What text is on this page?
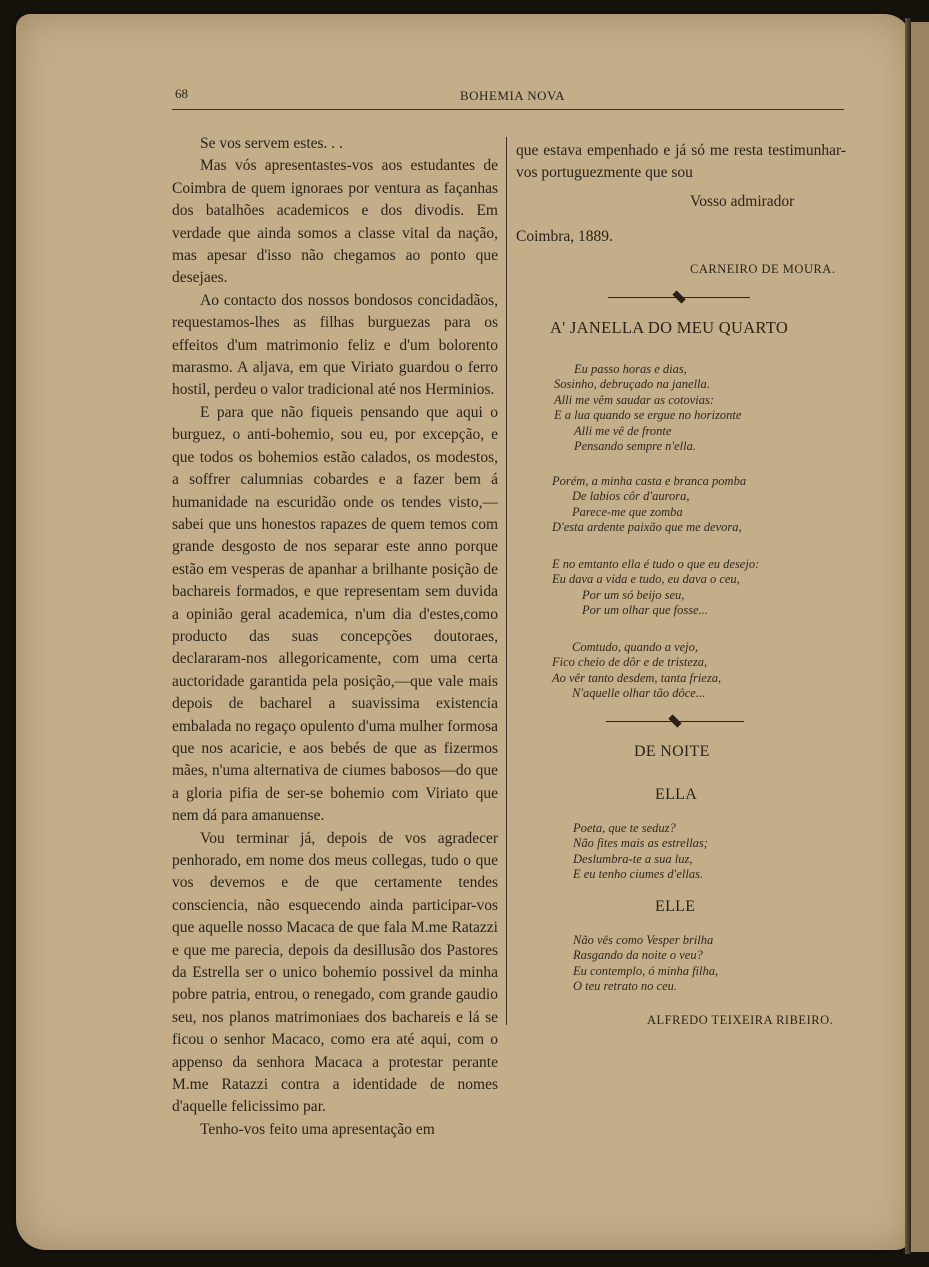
68	BOHEMIA NOVA

Se vos servem estes. . .

Mas vós apresentastes-vos aos estudantes de Coimbra de quem ignoraes por ventura as façanhas dos batalhões academicos e dos divodis. Em verdade que ainda somos a classe vital da nação, mas apesar d'isso não chegamos ao ponto que desejaes.

Ao contacto dos nossos bondosos concidadãos, requestamos-lhes as filhas burguezas para os effeitos d'um matrimonio feliz e d'um bolorento marasmo. A aljava, em que Viriato guardou o ferro hostil, perdeu o valor tradicional até nos Herminios.

E para que não fiqueis pensando que aqui o burguez, o anti-bohemio, sou eu, por excepção, e que todos os bohemios estão calados, os modestos, a soffrer calumnias cobardes e a fazer bem á humanidade na escuridão onde os tendes visto,—sabei que uns honestos rapazes de quem temos com grande desgosto de nos separar este anno porque estão em vesperas de apanhar a brilhante posição de bachareis formados, e que representam sem duvida a opinião geral academica, n'um dia d'estes,como producto das suas concepções doutoraes, declararam-nos allegoricamente, com uma certa auctoridade garantida pela posição,—que vale mais depois de bacharel a suavissima existencia embalada no regaço opulento d'uma mulher formosa que nos acaricie, e aos bebés de que as fizermos mães, n'uma alternativa de ciumes babosos—do que a gloria pifia de ser-se bohemio com Viriato que nem dá para amanuense.

Vou terminar já, depois de vos agradecer penhorado, em nome dos meus collegas, tudo o que vos devemos e de que certamente tendes consciencia, não esquecendo ainda participar-vos que aquelle nosso Macaca de que fala M.me Ratazzi e que me parecia, depois da desillusão dos Pastores da Estrella ser o unico bohemio possivel da minha pobre patria, entrou, o renegado, com grande gaudio seu, nos planos matrimoniaes dos bachareis e lá se ficou o senhor Macaco, como era até aqui, com o appenso da senhora Macaca a protestar perante M.me Ratazzi contra a identidade de nomes d'aquelle felicissimo par.

Tenho-vos feito uma apresentação em

que estava empenhado e já só me resta testimunhar-vos portuguezmente que sou
Vosso admirador
Coimbra, 1889.
CARNEIRO DE MOURA.
A' JANELLA DO MEU QUARTO
Eu passo horas e dias,
Sosinho, debruçado na janella.
Alli me vêm saudar as cotovias:
E a lua quando se ergue no horizonte
Alli me vê de fronte
Pensando sempre n'ella.
Porém, a minha casta e branca pomba
De labios côr d'aurora,
Parece-me que zomba
D'esta ardente paixão que me devora,
E no emtanto ella é tudo o que eu desejo:
Eu dava a vida e tudo, eu dava o ceu,
Por um só beijo seu,
Por um olhar que fosse...
Comtudo, quando a vejo,
Fico cheio de dôr e de tristeza,
Ao vêr tanto desdem, tanta frieza,
N'aquelle olhar tão dôce...
DE NOITE
ELLA
Poeta, que te seduz?
Não fites mais as estrellas;
Deslumbra-te a sua luz,
E eu tenho ciumes d'ellas.
ELLE
Não vês como Vesper brilha
Rasgando da noite o veu?
Eu contemplo, ó minha filha,
O teu retrato no ceu.
ALFREDO TEIXEIRA RIBEIRO.
